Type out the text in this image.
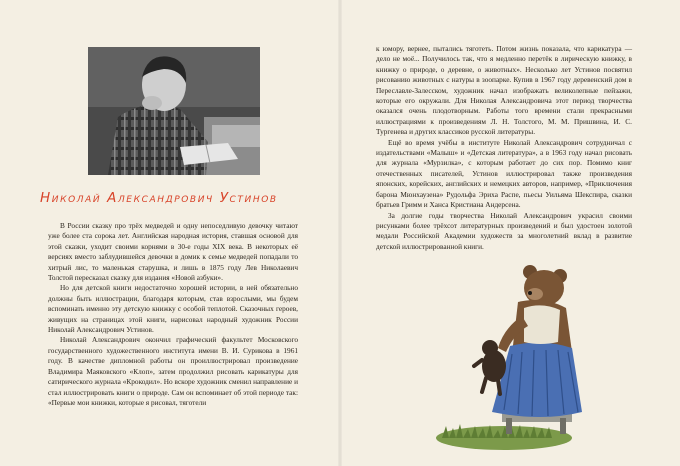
Николай Александрович Устинов

В России сказку про трёх медведей и одну непоседливую девочку читают уже более ста сорока лет. Английская народная история, ставшая основой для этой сказки, уходит своими корнями в 30-е годы XIX века. В некоторых её версиях вместо заблудившейся девочки в домик к семье медведей попадали то хитрый лис, то маленькая старушка, и лишь в 1875 году Лев Николаевич Толстой пересказал сказку для издания «Новой азбуки».

Но для детской книги недостаточно хорошей истории, в ней обязательно должны быть иллюстрации, благодаря которым, став взрослыми, мы будем вспоминать именно эту детскую книжку с особой теплотой. Сказочных героев, живущих на страницах этой книги, нарисовал народный художник России Николай Александрович Устинов.

Николай Александрович окончил графический факультет Московского государственного художественного института имени В. И. Сурикова в 1961 году. В качестве дипломной работы он проиллюстрировал произведение Владимира Маяковского «Клоп», затем продолжил рисовать карикатуры для сатирического журнала «Крокодил». Но вскоре художник сменил направление и стал иллюстрировать книги о природе. Сам он вспоминает об этой периоде так: «Первые мои книжки, которые я рисовал, тяготели

к юмору, вернее, пытались тяготеть. Потом жизнь показала, что карикатура — дело не моё... Получилось так, что я медленно перетёк в лирическую книжку, в книжку о природе, о деревне, о животных». Несколько лет Устинов посвятил рисованию животных с натуры в зоопарке. Купив в 1967 году деревенский дом в Переславле-Залесском, художник начал изображать великолепные пейзажи, которые его окружали. Для Николая Александровича этот период творчества оказался очень плодотворным. Работы того времени стали прекрасными иллюстрациями к произведениям Л. Н. Толстого, М. М. Пришвина, И. С. Тургенева и других классиков русской литературы.

Ещё во время учёбы в институте Николай Александрович сотрудничал с издательствами «Малыш» и «Детская литература», а в 1963 году начал рисовать для журнала «Мурзилка», с которым работает до сих пор. Помимо книг отечественных писателей, Устинов иллюстрировал также произведения японских, корейских, английских и немецких авторов, например, «Приключения барона Мюнхаузена» Рудольфа Эриха Распе, пьесы Уильяма Шекспира, сказки братьев Гримм и Ханса Кристиана Андерсена.

За долгие годы творчества Николай Александрович украсил своими рисунками более трёхсот литературных произведений и был удостоен золотой медали Российской Академии художеств за многолетний вклад в развитие детской иллюстрированной книги.
